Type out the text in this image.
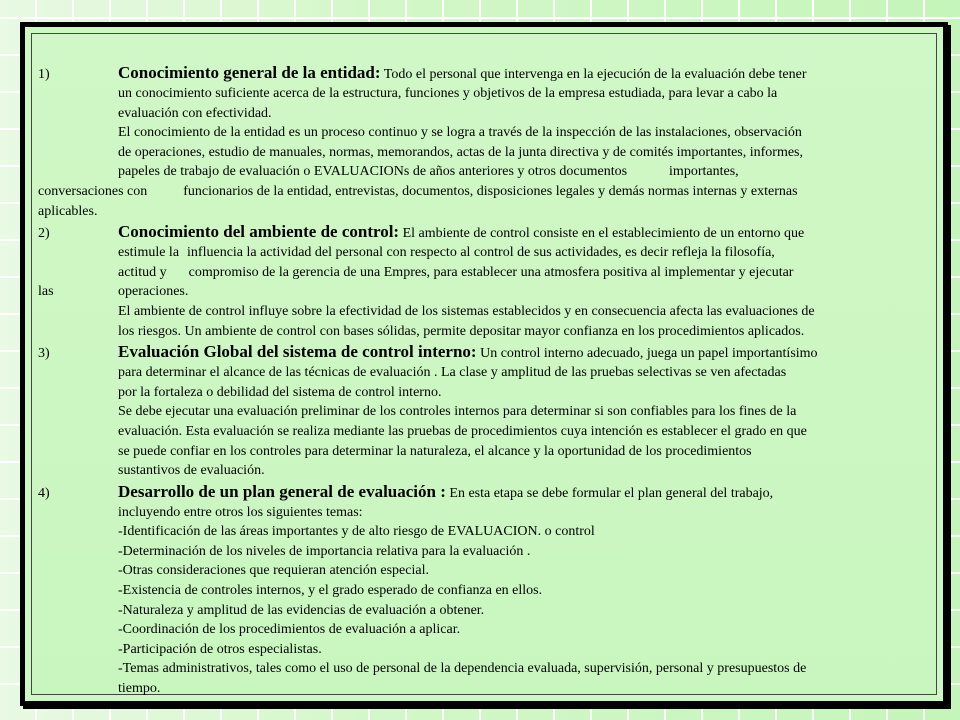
1)	Conocimiento general de la entidad: Todo el personal que intervenga en la ejecución de la evaluación debe tener
un conocimiento suficiente acerca de la estructura, funciones y objetivos de la empresa estudiada, para levar a cabo la
evaluación con efectividad.
El conocimiento de la entidad es un proceso continuo y se logra a través de la inspección de las instalaciones, observación
de operaciones, estudio de manuales, normas, memorandos, actas de la junta directiva y de comités importantes, informes,
papeles de trabajo de evaluación o EVALUACIONs de años anteriores y otros documentos	importantes,
conversaciones con	funcionarios de la entidad, entrevistas, documentos, disposiciones legales y demás normas internas y externas
aplicables.
2)	Conocimiento del ambiente de control: El ambiente de control consiste en el establecimiento de un entorno que
estimule la influencia la actividad del personal con respecto al control de sus actividades, es decir refleja la filosofía,
actitud y compromiso de la gerencia de una Empres, para establecer una atmosfera positiva al implementar y ejecutar
las	operaciones.
El ambiente de control influye sobre la efectividad de los sistemas establecidos y en consecuencia afecta las evaluaciones de
los riesgos. Un ambiente de control con bases sólidas, permite depositar mayor confianza en los procedimientos aplicados.
3)	Evaluación Global del sistema de control interno: Un control interno adecuado, juega un papel importantísimo
para determinar el alcance de las técnicas de evaluación . La clase y amplitud de las pruebas selectivas se ven afectadas
por la fortaleza o debilidad del sistema de control interno.
Se debe ejecutar una evaluación preliminar de los controles internos para determinar si son confiables para los fines de la
evaluación. Esta evaluación se realiza mediante las pruebas de procedimientos cuya intención es establecer el grado en que
se puede confiar en los controles para determinar la naturaleza, el alcance y la oportunidad de los procedimientos
sustantivos de evaluación.
4)	Desarrollo de un plan general de evaluación : En esta etapa se debe formular el plan general del trabajo,
incluyendo entre otros los siguientes temas:
-Identificación de las áreas importantes y de alto riesgo de EVALUACION. o control
-Determinación de los niveles de importancia relativa para la evaluación .
-Otras consideraciones que requieran atención especial.
-Existencia de controles internos, y el grado esperado de confianza en ellos.
-Naturaleza y amplitud de las evidencias de evaluación a obtener.
-Coordinación de los procedimientos de evaluación a aplicar.
-Participación de otros especialistas.
-Temas administrativos, tales como el uso de personal de la dependencia evaluada, supervisión, personal y presupuestos de
tiempo.
